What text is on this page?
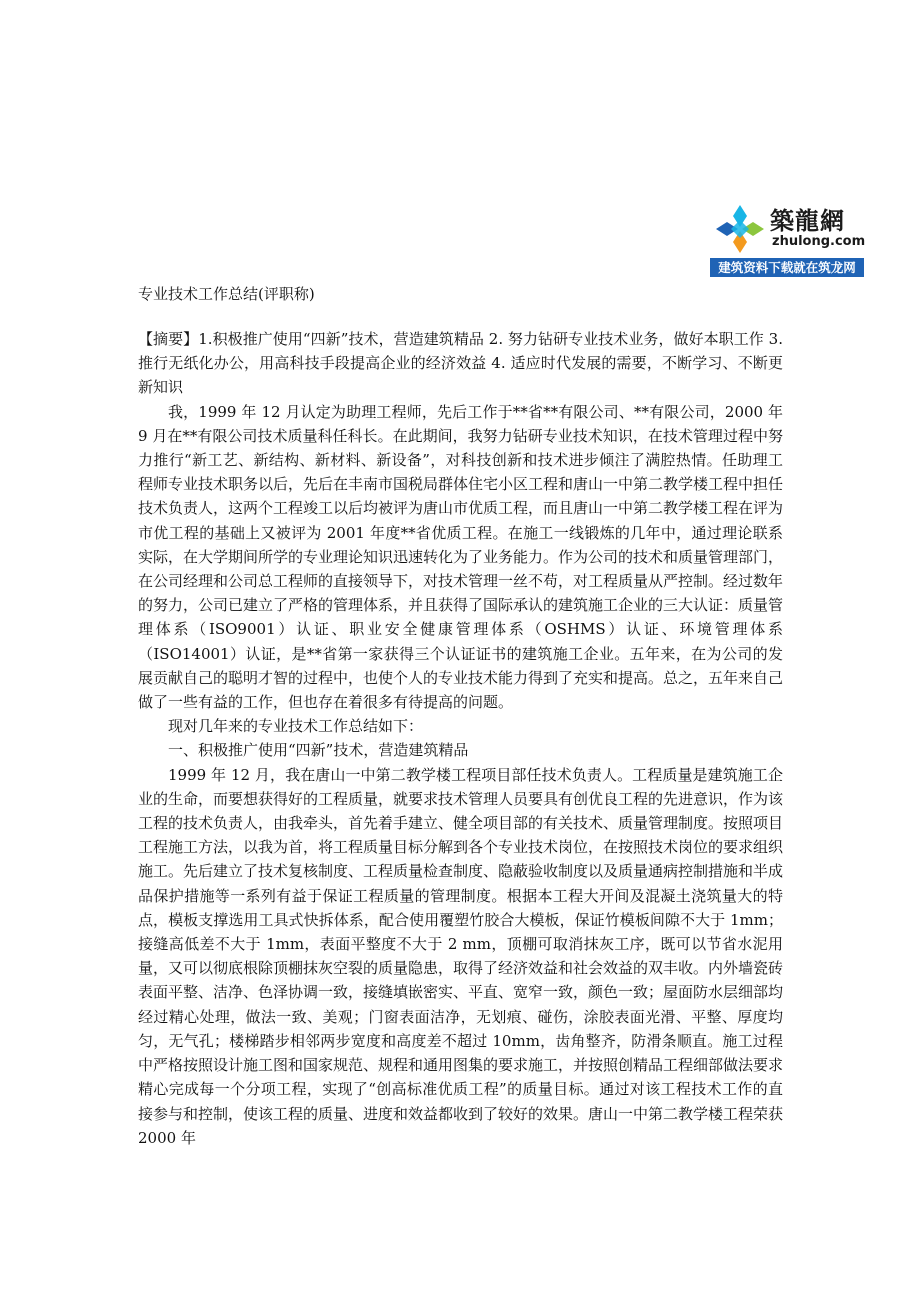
築龍網
zhulong.com
建筑资料下载就在筑龙网
专业技术工作总结(评职称)

【摘要】1.积极推广使用“四新”技术，营造建筑精品 2. 努力钻研专业技术业务，做好本职工作 3.推行无纸化办公，用高科技手段提高企业的经济效益 4. 适应时代发展的需要，不断学习、不断更新知识

我，1999 年 12 月认定为助理工程师，先后工作于**省**有限公司、**有限公司，2000 年 9 月在**有限公司技术质量科任科长。在此期间，我努力钻研专业技术知识，在技术管理过程中努力推行“新工艺、新结构、新材料、新设备”，对科技创新和技术进步倾注了满腔热情。任助理工程师专业技术职务以后，先后在丰南市国税局群体住宅小区工程和唐山一中第二教学楼工程中担任技术负责人，这两个工程竣工以后均被评为唐山市优质工程，而且唐山一中第二教学楼工程在评为市优工程的基础上又被评为 2001 年度**省优质工程。在施工一线锻炼的几年中，通过理论联系实际，在大学期间所学的专业理论知识迅速转化为了业务能力。作为公司的技术和质量管理部门，在公司经理和公司总工程师的直接领导下，对技术管理一丝不苟，对工程质量从严控制。经过数年的努力，公司已建立了严格的管理体系，并且获得了国际承认的建筑施工企业的三大认证：质量管理体系（ISO9001）认证、职业安全健康管理体系（OSHMS）认证、环境管理体系（ISO14001）认证，是**省第一家获得三个认证证书的建筑施工企业。五年来，在为公司的发展贡献自己的聪明才智的过程中，也使个人的专业技术能力得到了充实和提高。总之，五年来自己做了一些有益的工作，但也存在着很多有待提高的问题。

现对几年来的专业技术工作总结如下：

一、积极推广使用“四新”技术，营造建筑精品

1999 年 12 月，我在唐山一中第二教学楼工程项目部任技术负责人。工程质量是建筑施工企业的生命，而要想获得好的工程质量，就要求技术管理人员要具有创优良工程的先进意识，作为该工程的技术负责人，由我牵头，首先着手建立、健全项目部的有关技术、质量管理制度。按照项目工程施工方法，以我为首，将工程质量目标分解到各个专业技术岗位，在按照技术岗位的要求组织施工。先后建立了技术复核制度、工程质量检查制度、隐蔽验收制度以及质量通病控制措施和半成品保护措施等一系列有益于保证工程质量的管理制度。根据本工程大开间及混凝土浇筑量大的特点，模板支撑选用工具式快拆体系，配合使用覆塑竹胶合大模板，保证竹模板间隙不大于 1mm；接缝高低差不大于 1mm，表面平整度不大于 2 mm，顶棚可取消抹灰工序，既可以节省水泥用量，又可以彻底根除顶棚抹灰空裂的质量隐患，取得了经济效益和社会效益的双丰收。内外墙瓷砖表面平整、洁净、色泽协调一致，接缝填嵌密实、平直、宽窄一致，颜色一致；屋面防水层细部均经过精心处理，做法一致、美观；门窗表面洁净，无划痕、碰伤，涂胶表面光滑、平整、厚度均匀，无气孔；楼梯踏步相邻两步宽度和高度差不超过 10mm，齿角整齐，防滑条顺直。施工过程中严格按照设计施工图和国家规范、规程和通用图集的要求施工，并按照创精品工程细部做法要求精心完成每一个分项工程，实现了“创高标准优质工程”的质量目标。通过对该工程技术工作的直接参与和控制，使该工程的质量、进度和效益都收到了较好的效果。唐山一中第二教学楼工程荣获 2000 年
